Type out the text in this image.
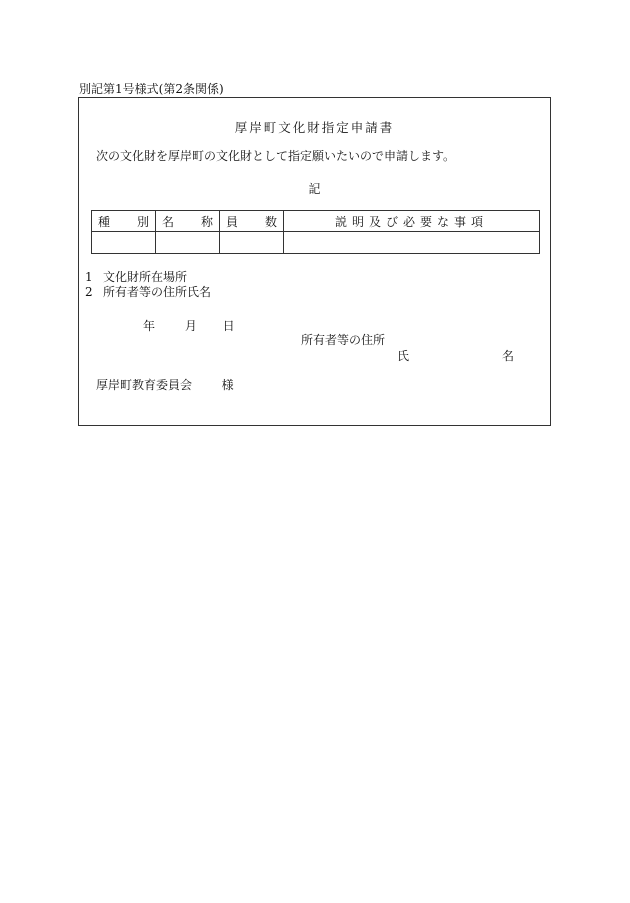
別記第1号様式(第2条関係)
厚岸町文化財指定申請書
次の文化財を厚岸町の文化財として指定願いたいので申請します。
記
種 別	名 称	員 数	説明及び必要な事項

1 文化財所在場所
2 所有者等の住所氏名
年 月 日
所有者等の住所
氏	名
厚岸町教育委員会 様
